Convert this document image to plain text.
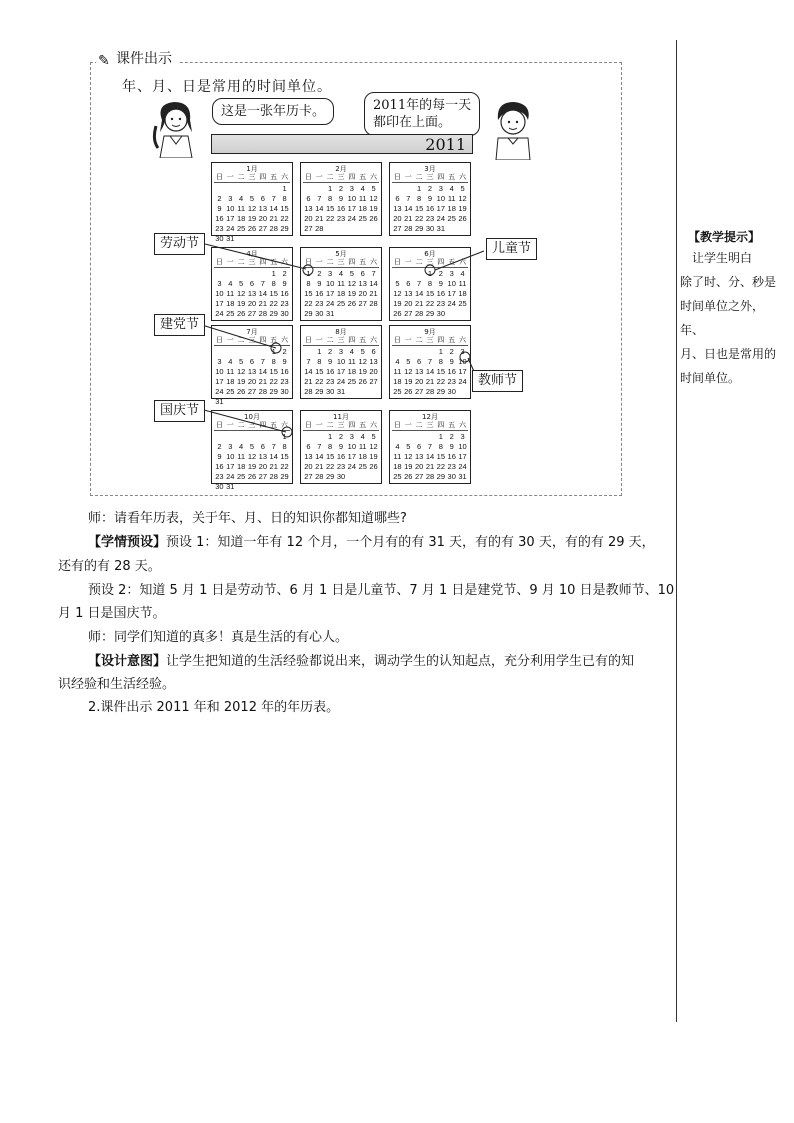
✎ 课件出示
年、月、日是常用的时间单位。
这是一张年历卡。	2011年的每一天
都印在上面。
2011
1月
日 一 二 三 四 五 六
1
2 3 4 5 6 7 8
9 10 11 12 13 14 15
16 17 18 19 20 21 22
23 24 25 26 27 28 29
30 31
2月
日 一 二 三 四 五 六
1 2 3 4 5
6 7 8 9 10 11 12
13 14 15 16 17 18 19
20 21 22 23 24 25 26
27 28
3月
日 一 二 三 四 五 六
1 2 3 4 5
6 7 8 9 10 11 12
13 14 15 16 17 18 19
20 21 22 23 24 25 26
27 28 29 30 31
4月
日 一 二 三 四 五 六
1 2
3 4 5 6 7 8 9
10 11 12 13 14 15 16
17 18 19 20 21 22 23
24 25 26 27 28 29 30
5月
日 一 二 三 四 五 六
1 2 3 4 5 6 7
8 9 10 11 12 13 14
15 16 17 18 19 20 21
22 23 24 25 26 27 28
29 30 31
6月
日 一 二 三 四 五 六
1 2 3 4
5 6 7 8 9 10 11
12 13 14 15 16 17 18
19 20 21 22 23 24 25
26 27 28 29 30
7月
日 一 二 三 四 五 六
1 2
3 4 5 6 7 8 9
10 11 12 13 14 15 16
17 18 19 20 21 22 23
24 25 26 27 28 29 30
31
8月
日 一 二 三 四 五 六
1 2 3 4 5 6
7 8 9 10 11 12 13
14 15 16 17 18 19 20
21 22 23 24 25 26 27
28 29 30 31
9月
日 一 二 三 四 五 六
1 2 3
4 5 6 7 8 9 10
11 12 13 14 15 16 17
18 19 20 21 22 23 24
25 26 27 28 29 30
10月
日 一 二 三 四 五 六
1
2 3 4 5 6 7 8
9 10 11 12 13 14 15
16 17 18 19 20 21 22
23 24 25 26 27 28 29
30 31
11月
日 一 二 三 四 五 六
1 2 3 4 5
6 7 8 9 10 11 12
13 14 15 16 17 18 19
20 21 22 23 24 25 26
27 28 29 30
12月
日 一 二 三 四 五 六
1 2 3
4 5 6 7 8 9 10
11 12 13 14 15 16 17
18 19 20 21 22 23 24
25 26 27 28 29 30 31
劳动节	儿童节
建党节
教师节
国庆节
师：请看年历表，关于年、月、日的知识你都知道哪些?
【学情预设】预设 1：知道一年有 12 个月，一个月有的有 31 天，有的有 30 天，有的有 29 天，
还有的有 28 天。
预设 2：知道 5 月 1 日是劳动节、6 月 1 日是儿童节、7 月 1 日是建党节、9 月 10 日是教师节、10
月 1 日是国庆节。
师：同学们知道的真多！真是生活的有心人。
【设计意图】让学生把知道的生活经验都说出来，调动学生的认知起点，充分利用学生已有的知
识经验和生活经验。
2.课件出示 2011 年和 2012 年的年历表。
【教学提示】
　让学生明白
除了时、分、秒是
时间单位之外，年、
月、日也是常用的
时间单位。
